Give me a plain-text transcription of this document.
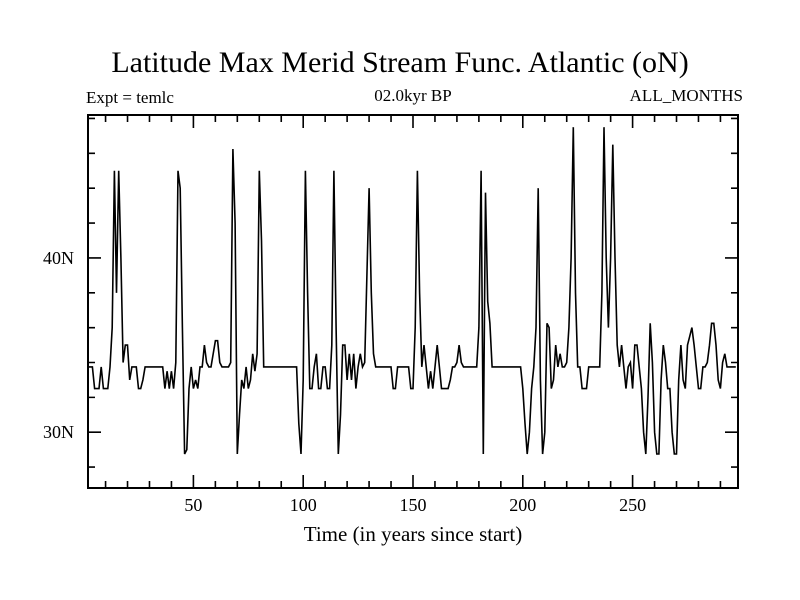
Latitude Max Merid Stream Func. Atlantic (oN)
Expt = temlc	02.0kyr BP	ALL_MONTHS
50	100	150	200	250
30N
40N
Time (in years since start)
